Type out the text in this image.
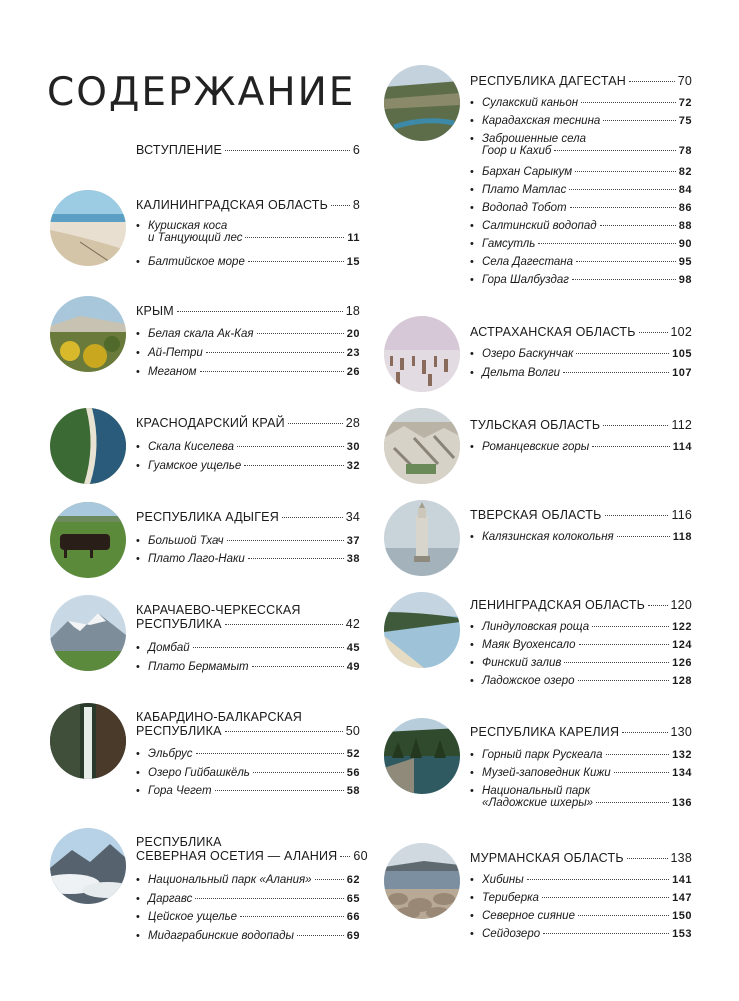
СОДЕРЖАНИЕ
ВСТУПЛЕНИЕ	6
КАЛИНИНГРАДСКАЯ ОБЛАСТЬ 8
• Куршская коса
и Танцующий лес	11
• Балтийское море	15
КРЫМ	18
• Белая скала Ак-Кая	20
• Ай-Петри	23
• Меганом	26
КРАСНОДАРСКИЙ КРАЙ	28
• Скала Киселева	30
• Гуамское ущелье	32
РЕСПУБЛИКА АДЫГЕЯ	34
• Большой Тхач	37
• Плато Лаго-Наки	38
КАРАЧАЕВО-ЧЕРКЕССКАЯ
РЕСПУБЛИКА	42
• Домбай	45
• Плато Бермамыт	49
КАБАРДИНО-БАЛКАРСКАЯ
РЕСПУБЛИКА	50
• Эльбрус	52
• Озеро Гийбашкёль	56
• Гора Чегет	58
РЕСПУБЛИКА
СЕВЕРНАЯ ОСЕТИЯ — АЛАНИЯ 60
• Национальный парк «Алания»	62
• Даргавс	65
• Цейское ущелье	66
• Мидаграбинские водопады	69
РЕСПУБЛИКА ДАГЕСТАН	70
• Сулакский каньон	72
• Карадахская теснина	75
• Заброшенные села
Гоор и Кахиб	78
• Бархан Сарыкум	82
• Плато Матлас	84
• Водопад Тобот	86
• Салтинский водопад	88
• Гамсутль	90
• Села Дагестана	95
• Гора Шалбуздаг	98
АСТРАХАНСКАЯ ОБЛАСТЬ	102
• Озеро Баскунчак	105
• Дельта Волги	107
ТУЛЬСКАЯ ОБЛАСТЬ	112
• Романцевские горы	114
ТВЕРСКАЯ ОБЛАСТЬ	116
• Калязинская колокольня	118
ЛЕНИНГРАДСКАЯ ОБЛАСТЬ 120
• Линдуловская роща	122
• Маяк Вуохенсало	124
• Финский залив	126
• Ладожское озеро	128
РЕСПУБЛИКА КАРЕЛИЯ	130
• Горный парк Рускеала	132
• Музей-заповедник Кижи	134
• Национальный парк
«Ладожские шхеры»	136
МУРМАНСКАЯ ОБЛАСТЬ	138
• Хибины	141
• Териберка	147
• Северное сияние	150
• Сейдозеро	153
